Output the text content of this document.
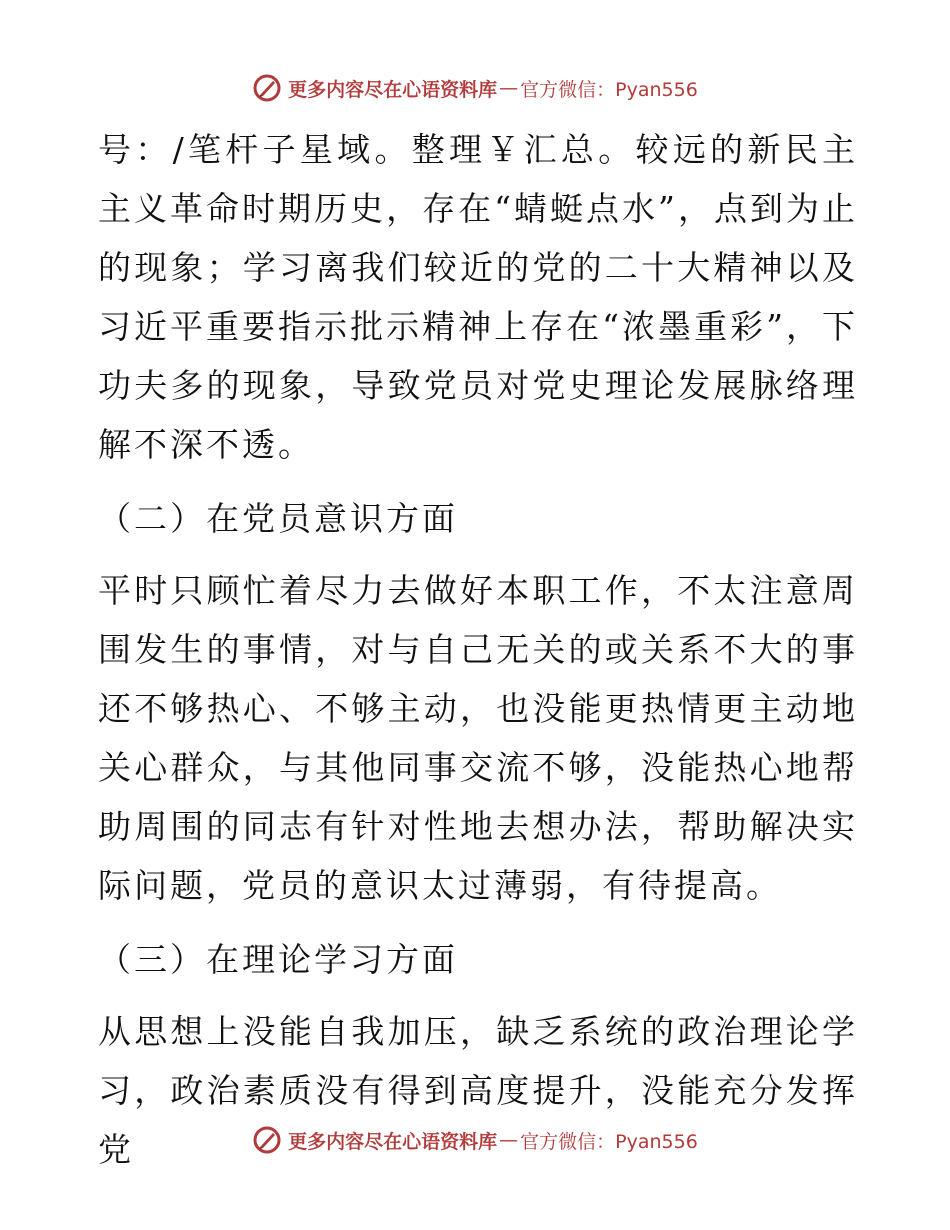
更多内容尽在心语资料库 — 官方微信：Pyan556

号：/笔杆子星域。整理￥汇总。较远的新民主主义革命时期历史，存在“蜻蜓点水”，点到为止的现象；学习离我们较近的党的二十大精神以及习近平重要指示批示精神上存在“浓墨重彩”，下功夫多的现象，导致党员对党史理论发展脉络理解不深不透。

（二）在党员意识方面

平时只顾忙着尽力去做好本职工作，不太注意周围发生的事情，对与自己无关的或关系不大的事还不够热心、不够主动，也没能更热情更主动地关心群众，与其他同事交流不够，没能热心地帮助周围的同志有针对性地去想办法，帮助解决实际问题，党员的意识太过薄弱，有待提高。

（三）在理论学习方面

从思想上没能自我加压，缺乏系统的政治理论学习，政治素质没有得到高度提升，没能充分发挥党	更多内容尽在心语资料库 — 官方微信：Pyan556
